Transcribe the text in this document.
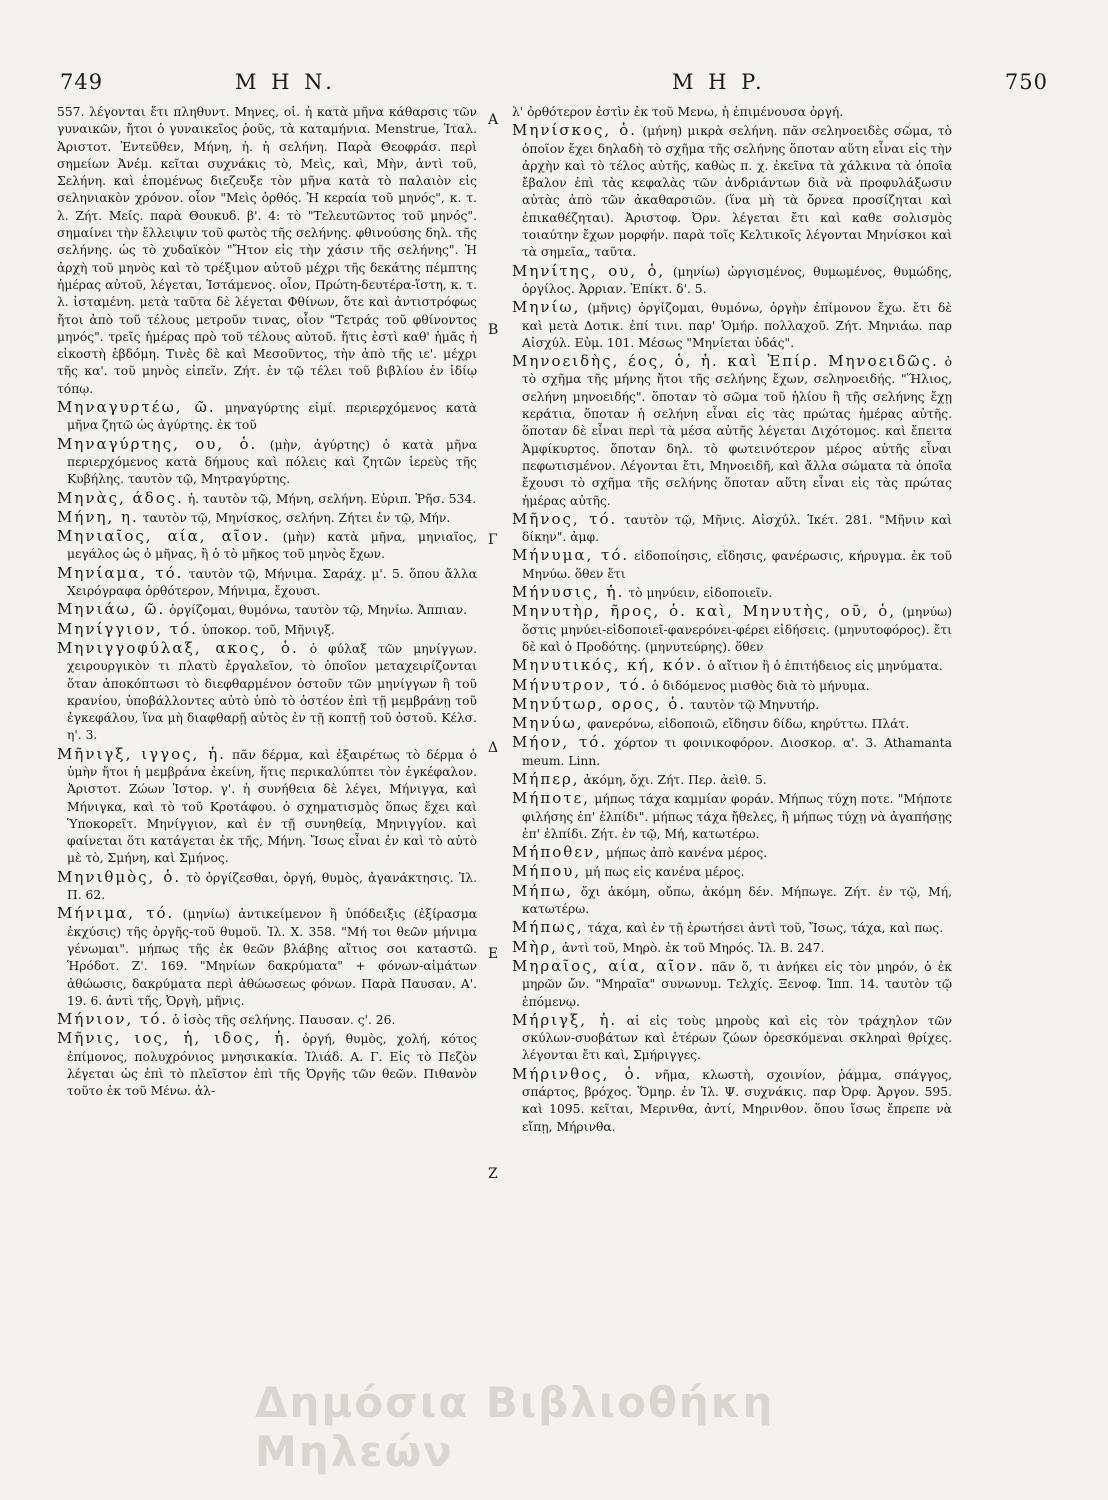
749	M H N.	M H P.	750

557. λέγονται ἔτι πληθυντ. Μηνες, οἱ. ἡ κατὰ μῆνα κάθαρσις τῶν γυναικῶν, ἤτοι ὁ γυναικεῖος ῥοῦς, τὰ καταμήνια. Menstrue, Ἰταλ. Ἀριστοτ. Ἐντεῦθεν, Μήνη, ἡ. ἡ σελήνη. Παρὰ Θεοφράσ. περὶ σημείων Ἀνέμ. κεῖται συχνάκις τὸ, Μεὶς, καὶ, Μὴν, ἀντὶ τοῦ, Σελήνη. καὶ ἑπομένως διεζευξε τὸν μῆνα κατὰ τὸ παλαιὸν εἰς σεληνιακὸν χρόνον. οἷον "Μεὶς ὀρθός. Ἡ κεραία τοῦ μηνός", κ. τ. λ. Ζήτ. Μείς. παρὰ Θουκυδ. β'. 4: τὸ "Τελευτῶντος τοῦ μηνός". σημαίνει τὴν ἔλλειψιν τοῦ φωτὸς τῆς σελήνης. φθινούσης δηλ. τῆς σελήνης. ὡς τὸ χυδαϊκὸν "Ἤτον εἰς τὴν χάσιν τῆς σελήνης". Ἡ ἀρχὴ τοῦ μηνὸς καὶ τὸ τρέξιμον αὐτοῦ μέχρι τῆς δεκάτης πέμπτης ἡμέρας αὐτοῦ, λέγεται, Ἱστάμενος. οἷον, Πρώτη-δευτέρα-ἵστη, κ. τ. λ. ἱσταμένη. μετὰ ταῦτα δὲ λέγεται Φθίνων, ὅτε καὶ ἀντιστρόφως ἤτοι ἀπὸ τοῦ τέλους μετροῦν τινας, οἷον "Τετράς τοῦ φθίνοντος μηνός". τρεῖς ἡμέρας πρὸ τοῦ τέλους αὐτοῦ. ἥτις ἐστὶ καθ' ἡμᾶς ἡ εἰκοστὴ ἑβδόμη. Τινὲς δὲ καὶ Μεσοῦντος, τὴν ἀπὸ τῆς ιε'. μέχρι τῆς κα'. τοῦ μηνὸς εἰπεῖν. Ζήτ. ἐν τῷ τέλει τοῦ βιβλίου ἐν ἰδίῳ τόπῳ.

Μηναγυρτέω, ῶ. μηναγύρτης εἰμί. περιερχόμενος κατὰ μῆνα ζητῶ ὡς ἀγύρτης. ἐκ τοῦ

Μηναγύρτης, ου, ὁ. (μὴν, ἀγύρτης) ὁ κατὰ μῆνα περιερχόμενος κατὰ δήμους καὶ πόλεις καὶ ζητῶν ἱερεὺς τῆς Κυβήλης. ταυτὸν τῷ, Μητραγύρτης.

Μηνὰς, άδος. ἡ. ταυτὸν τῷ, Μήνη, σελήνη. Εὐριπ. Ῥῆσ. 534.

Μήνη, η. ταυτὸν τῷ, Μηνίσκος, σελήνη. Ζήτει ἐν τῷ, Μήν.

Μηνιαῖος, αία, αῖον. (μὴν) κατὰ μῆνα, μηνιαῖος, μεγάλος ὡς ὁ μῆνας, ἢ ὁ τὸ μῆκος τοῦ μηνὸς ἔχων.

Μηνίαμα, τό. ταυτὸν τῷ, Μήνιμα. Σαράχ. μ'. 5. ὅπου ἄλλα Χειρόγραφα ὀρθότερον, Μήνιμα, ἔχουσι.

Μηνιάω, ῶ. ὀργίζομαι, θυμόνω, ταυτὸν τῷ, Μηνίω. Ἀππιαν.

Μηνίγγιον, τό. ὑποκορ. τοῦ, Μῆνιγξ.

Μηνιγγοφύλαξ, ακος, ὁ. ὁ φύλαξ τῶν μηνίγγων. χειρουργικὸν τι πλατὺ ἐργαλεῖον, τὸ ὁποῖον μεταχειρίζονται ὅταν ἀποκόπτωσι τὸ διεφθαρμένον ὀστοῦν τῶν μηνίγγων ἢ τοῦ κρανίου, ὑποβάλλοντες αὐτὸ ὑπὸ τὸ ὀστέον ἐπὶ τῇ μεμβράνῃ τοῦ ἐγκεφάλου, ἵνα μὴ διαφθαρῇ αὐτὸς ἐν τῇ κοπτῇ τοῦ ὀστοῦ. Κέλσ. η'. 3.

Μῆνιγξ, ιγγος, ἡ. πᾶν δέρμα, καὶ ἐξαιρέτως τὸ δέρμα ὁ ὑμὴν ἤτοι ἡ μεμβράνα ἐκείνη, ἥτις περικαλύπτει τὸν ἐγκέφαλον. Ἀριστοτ. Ζώων Ἱστορ. γ'. ἡ συνήθεια δὲ λέγει, Μήνιγγα, καὶ Μήνιγκα, καὶ τὸ τοῦ Κροτάφου. ὁ σχηματισμὸς ὅπως ἔχει καὶ Ὑποκορεῖτ. Μηνίγγιον, καὶ ἐν τῇ συνηθείᾳ, Μηνιγγίον. καὶ φαίνεται ὅτι κατάγεται ἐκ τῆς, Μήνη. Ἴσως εἶναι ἐν καὶ τὸ αὐτὸ μὲ τὸ, Σμήνη, καὶ Σμήνος.

Μηνιθμὸς, ὁ. τὸ ὀργίζεσθαι, ὀργή, θυμὸς, ἀγανάκτησις. Ἰλ. Π. 62.

Μήνιμα, τό. (μηνίω) ἀντικείμενον ἢ ὑπόδειξις (ἐξίρασμα ἐκχύσις) τῆς ὀργῆς-τοῦ θυμοῦ. Ἰλ. Χ. 358. "Μή τοι θεῶν μήνιμα γένωμαι". μήπως τῆς ἐκ θεῶν βλάβης αἴτιος σοι καταστῶ. Ἡρόδοτ. Ζ'. 169. "Μηνίων δακρύματα" + φόνων-αἱμάτων ἀθώωσις, δακρύματα περὶ ἀθώωσεως φόνων. Παρὰ Παυσαν. Α'. 19. 6. ἀντὶ τῆς, Ὀργὴ, μῆνις.

Μήνιον, τό. ὁ ἰσὸς τῆς σελήνης. Παυσαν. ς'. 26.

Μῆνις, ιος, ἡ, ιδος, ἡ. ὀργή, θυμὸς, χολή, κότος ἐπίμονος, πολυχρόνιος μνησικακία. Ἰλιάδ. Α. Γ. Εἰς τὸ Πεζὸν λέγεται ὡς ἐπὶ τὸ πλεῖστον ἐπὶ τῆς Ὀργῆς τῶν θεῶν. Πιθανὸν τοῦτο ἐκ τοῦ Μένω. ἀλ-

A
B
Γ
Δ
E
Z

λ' ὀρθότερον ἐστὶν ἐκ τοῦ Μενω, ἡ ἐπιμένουσα ὀργή.

Μηνίσκος, ὁ. (μήνη) μικρὰ σελήνη. πᾶν σεληνοειδὲς σῶμα, τὸ ὁποῖον ἔχει δηλαδὴ τὸ σχῆμα τῆς σελήνης ὅποταν αὕτη εἶναι εἰς τὴν ἀρχὴν καὶ τὸ τέλος αὐτῆς, καθὼς π. χ. ἐκεῖνα τὰ χάλκινα τὰ ὁποῖα ἔβαλον ἐπὶ τὰς κεφαλὰς τῶν ἀνδριάντων διὰ νὰ προφυλάξωσιν αὐτὰς ἀπὸ τῶν ἀκαθαρσιῶν. (ἵνα μὴ τὰ ὄρνεα προσίζηται καὶ ἐπικαθέζηται). Ἀριστοφ. Ὀρν. λέγεται ἔτι καὶ καθε σολισμὸς τοιαύτην ἔχων μορφήν. παρὰ τοῖς Κελτικοῖς λέγονται Μηνίσκοι καὶ τὰ σημεῖα„ ταῦτα.

Μηνίτης, ου, ὁ, (μηνίω) ὠργισμένος, θυμωμένος, θυμώδης, ὀργίλος. Ἀρριαν. Ἐπίκτ. δ'. 5.

Μηνίω, (μῆνις) ὀργίζομαι, θυμόνω, ὀργὴν ἐπίμονον ἔχω. ἔτι δὲ καὶ μετὰ Δοτικ. ἐπί τινι. παρ' Ὁμήρ. πολλαχοῦ. Ζήτ. Μηνιάω. παρ Αἰσχύλ. Εὐμ. 101. Μέσως "Μηνίεται ὑδάς".

Μηνοειδὴς, έος, ὁ, ἡ. καὶ Ἐπίρ. Μηνοειδῶς. ὁ τὸ σχῆμα τῆς μήνης ἤτοι τῆς σελήνης ἔχων, σεληνοειδής. "Ἥλιος, σελήνη μηνοειδής". ὅποταν τὸ σῶμα τοῦ ἡλίου ἢ τῆς σελήνης ἔχῃ κεράτια, ὅποταν ἡ σελήνη εἶναι εἰς τὰς πρώτας ἡμέρας αὐτῆς. ὅποταν δὲ εἶναι περὶ τὰ μέσα αὐτῆς λέγεται Διχότομος. καὶ ἔπειτα Ἀμφίκυρτος. ὅποταν δηλ. τὸ φωτεινότερον μέρος αὐτῆς εἶναι πεφωτισμένον. Λέγονται ἔτι, Μηνοειδῆ, καὶ ἄλλα σώματα τὰ ὁποῖα ἔχουσι τὸ σχῆμα τῆς σελήνης ὅποταν αὕτη εἶναι εἰς τὰς πρώτας ἡμέρας αὐτῆς.

Μῆνος, τό. ταυτὸν τῷ, Μῆνις. Αἰσχύλ. Ἱκέτ. 281. "Μῆνιν καὶ δίκην". ἀμφ.

Μήνυμα, τό. εἰδοποίησις, εἴδησις, φανέρωσις, κήρυγμα. ἐκ τοῦ Μηνύω. ὅθεν ἔτι

Μήνυσις, ἡ. τὸ μηνύειν, εἰδοποιεῖν.

Μηνυτὴρ, ῆρος, ὁ. καὶ, Μηνυτὴς, οῦ, ὁ, (μηνύω) ὅστις μηνύει-εἰδοποιεῖ-φανερόνει-φέρει εἰδήσεις. (μηνυτοφόρος). ἔτι δὲ καὶ ὁ Προδότης. (μηνυτεύρης). ὅθεν

Μηνυτικός, κή, κόν. ὁ αἴτιον ἢ ὁ ἐπιτήδειος εἰς μηνύματα.

Μήνυτρον, τό. ὁ διδόμενος μισθὸς διὰ τὸ μήνυμα.

Μηνύτωρ, ορος, ὁ. ταυτὸν τῷ Μηνυτήρ.

Μηνύω, φανερόνω, εἰδοποιῶ, εἴδησιν δίδω, κηρύττω. Πλάτ.

Μήον, τό. χόρτον τι φοινικοφόρον. Διοσκορ. α'. 3. Athamanta meum. Linn.

Μήπερ, ἀκόμη, ὄχι. Ζήτ. Περ. ἀεὶθ. 5.

Μήποτε, μήπως τάχα καμμίαν φοράν. Μήπως τύχη ποτε. "Μήποτε φιλήσης ἐπ' ἐλπίδι". μήπως τάχα ἤθελες, ἢ μήπως τύχῃ νὰ ἀγαπήσῃς ἐπ' ἐλπίδι. Ζήτ. ἐν τῷ, Μή, κατωτέρω.

Μήποθεν, μήπως ἀπὸ κανένα μέρος.

Μήπου, μή πως εἰς κανένα μέρος.

Μήπω, ὄχι ἀκόμη, οὔπω, ἀκόμη δέν. Μήπωγε. Ζήτ. ἐν τῷ, Μή, κατωτέρω.

Μήπως, τάχα, καὶ ἐν τῇ ἐρωτήσει ἀντὶ τοῦ, Ἴσως, τάχα, καὶ πως.

Μὴρ, ἀντὶ τοῦ, Μηρὸ. ἐκ τοῦ Μηρός. Ἰλ. Β. 247.

Μηραῖος, αία, αῖον. πᾶν ὅ, τι ἀνήκει εἰς τὸν μηρόν, ὁ ἐκ μηρῶν ὤν. "Μηραῖα" συνωνυμ. Τελχίς. Ξενοφ. Ἱππ. 14. ταυτὸν τῷ ἑπόμενῳ.

Μήριγξ, ἡ. αἱ εἰς τοὺς μηροὺς καὶ εἰς τὸν τράχηλον τῶν σκύλων-συοβάτων καὶ ἑτέρων ζώων ὀρεσκόμεναι σκληραὶ θρίχες. λέγονται ἔτι καὶ, Σμήριγγες.

Μήρινθος, ὁ. νῆμα, κλωστὴ, σχοινίον, ῥάμμα, σπάγγος, σπάρτος, βρόχος. Ὅμηρ. ἐν Ἰλ. Ψ. συχνάκις. παρ Ὀρφ. Ἀργον. 595. καὶ 1095. κεῖται, Μερινθα, ἀντί, Μηρινθον. ὅπου ἴσως ἔπρεπε νὰ εἴπῃ, Μήρινθα.

Δημόσια Βιβλιοθήκη Μηλεών
